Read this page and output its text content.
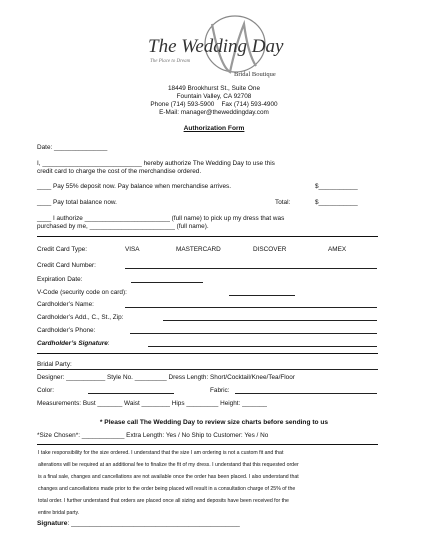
The Wedding Day
The Place to Dream
Bridal Boutique
18449 Brookhurst St., Suite One
Fountain Valley, CA 92708
Phone (714) 593-5900 Fax (714) 593-4900
E-Mail: manager@theweddingday.com
Authorization Form
Date: _______________
I, ____________________________ hereby authorize The Wedding Day to use this
credit card to charge the cost of the merchandise ordered.
____ Pay 55% deposit now. Pay balance when merchandise arrives.	$___________
____ Pay total balance now.	Total:	$___________
____ I authorize ________________________ (full name) to pick up my dress that was
purchased by me, ________________________ (full name).
Credit Card Type:	VISA	MASTERCARD	DISCOVER	AMEX
Credit Card Number:
Expiration Date:
V-Code (security code on card):
Cardholder’s Name:
Cardholder’s Add., C., St., Zip:
Cardholder’s Phone:
Cardholder’s Signature:
Bridal Party:
Designer: ___________ Style No. _________ Dress Length: Short/Cocktail/Knee/Tea/Floor
Color:	Fabric:
Measurements: Bust _______ Waist ________ Hips _________ Height: _______
* Please call The Wedding Day to review size charts before sending to us
*Size Chosen*: ____________ Extra Length: Yes / No Ship to Customer: Yes / No
I take responsibility for the size ordered. I understand that the size I am ordering is not a custom fit and that
alterations will be required at an additional fee to finalize the fit of my dress. I understand that this requested order
is a final sale, changes and cancellations are not available once the order has been placed. I also understand that
changes and cancellations made prior to the order being placed will result in a consultation charge of 25% of the
total order. I further understand that orders are placed once all sizing and deposits have been received for the
entire bridal party.
Signature: ______________________________________________
